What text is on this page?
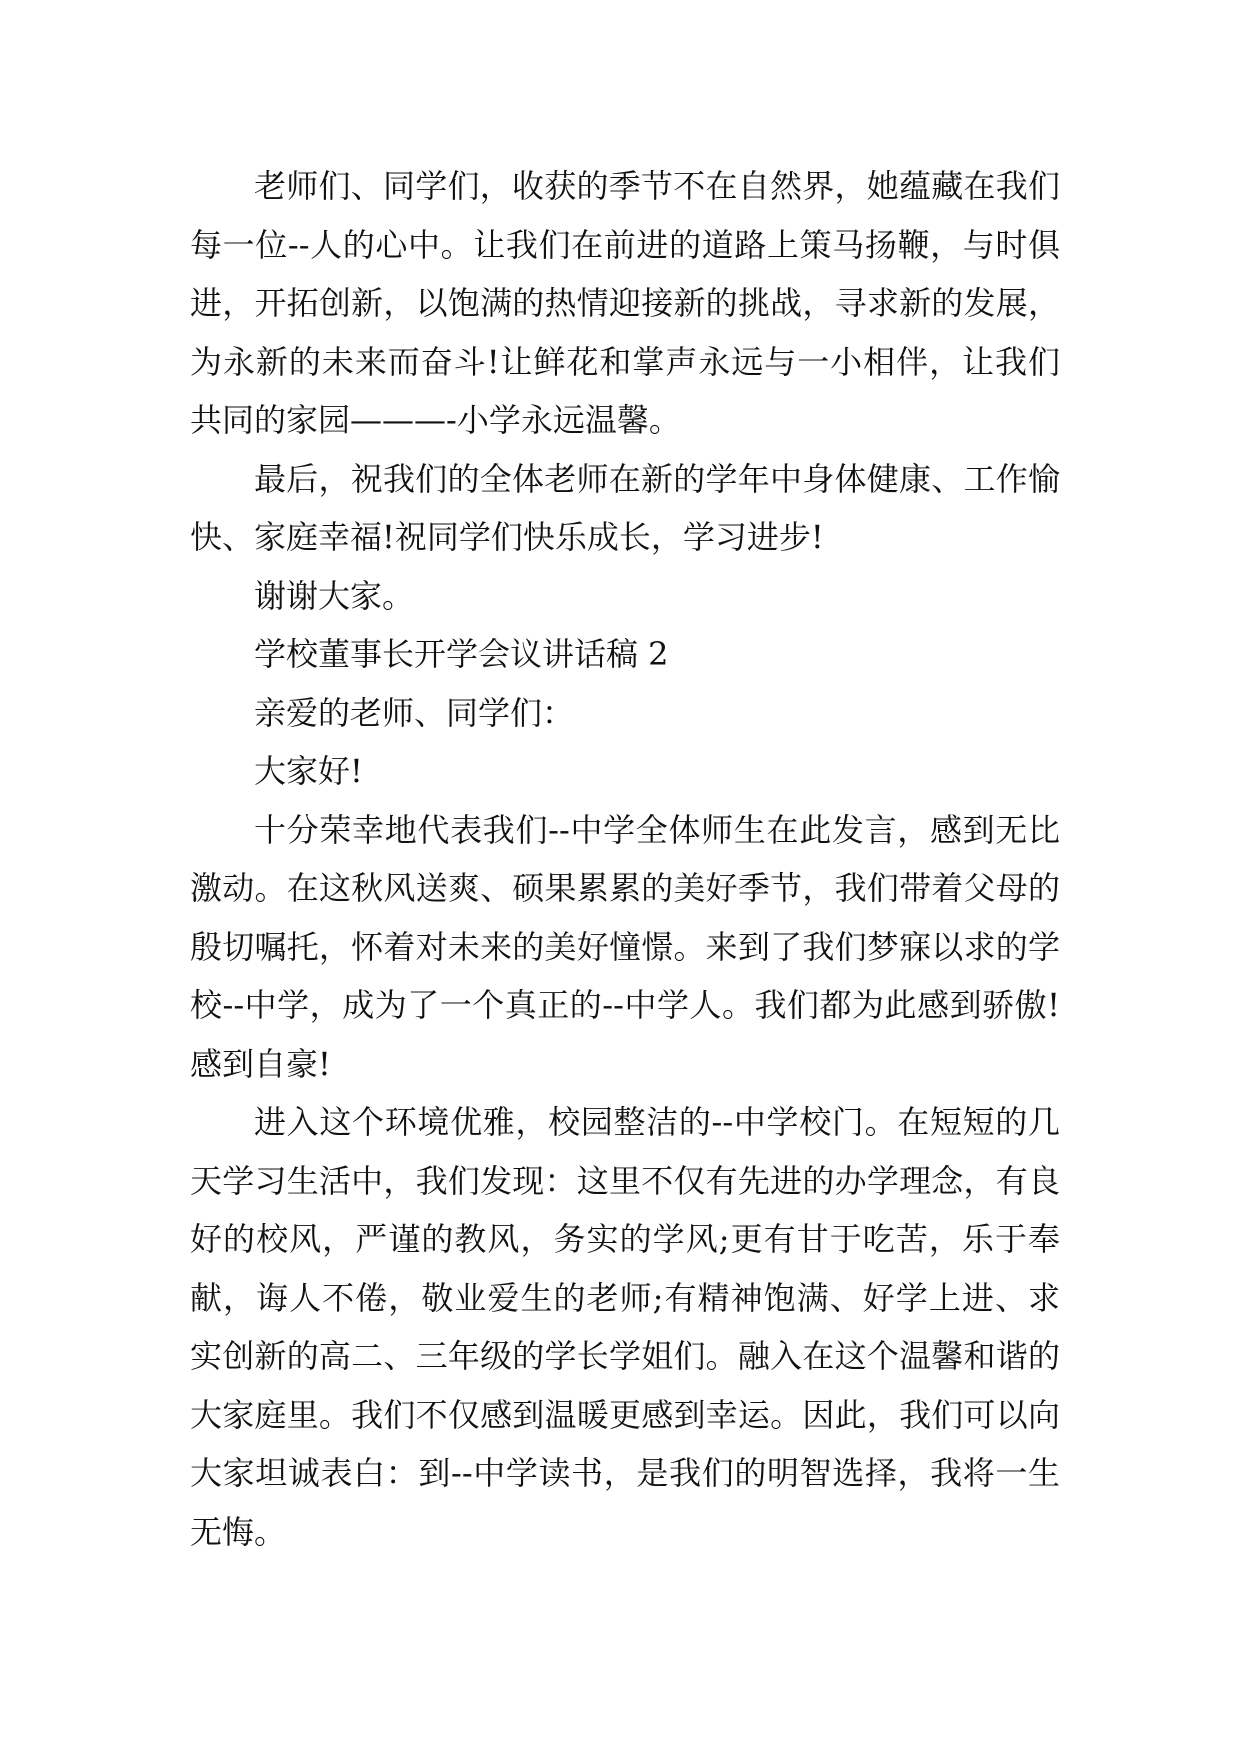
老师们、同学们，收获的季节不在自然界，她蕴藏在我们每一位--人的心中。让我们在前进的道路上策马扬鞭，与时俱进，开拓创新，以饱满的热情迎接新的挑战，寻求新的发展，为永新的未来而奋斗!让鲜花和掌声永远与一小相伴，让我们共同的家园———-小学永远温馨。

最后，祝我们的全体老师在新的学年中身体健康、工作愉快、家庭幸福!祝同学们快乐成长，学习进步!

谢谢大家。

学校董事长开学会议讲话稿 2

亲爱的老师、同学们：

大家好!

十分荣幸地代表我们--中学全体师生在此发言，感到无比激动。在这秋风送爽、硕果累累的美好季节，我们带着父母的殷切嘱托，怀着对未来的美好憧憬。来到了我们梦寐以求的学校--中学，成为了一个真正的--中学人。我们都为此感到骄傲!感到自豪!

进入这个环境优雅，校园整洁的--中学校门。在短短的几天学习生活中，我们发现：这里不仅有先进的办学理念，有良好的校风，严谨的教风，务实的学风;更有甘于吃苦，乐于奉献，诲人不倦，敬业爱生的老师;有精神饱满、好学上进、求实创新的高二、三年级的学长学姐们。融入在这个温馨和谐的大家庭里。我们不仅感到温暖更感到幸运。因此，我们可以向大家坦诚表白：到--中学读书，是我们的明智选择，我将一生无悔。
